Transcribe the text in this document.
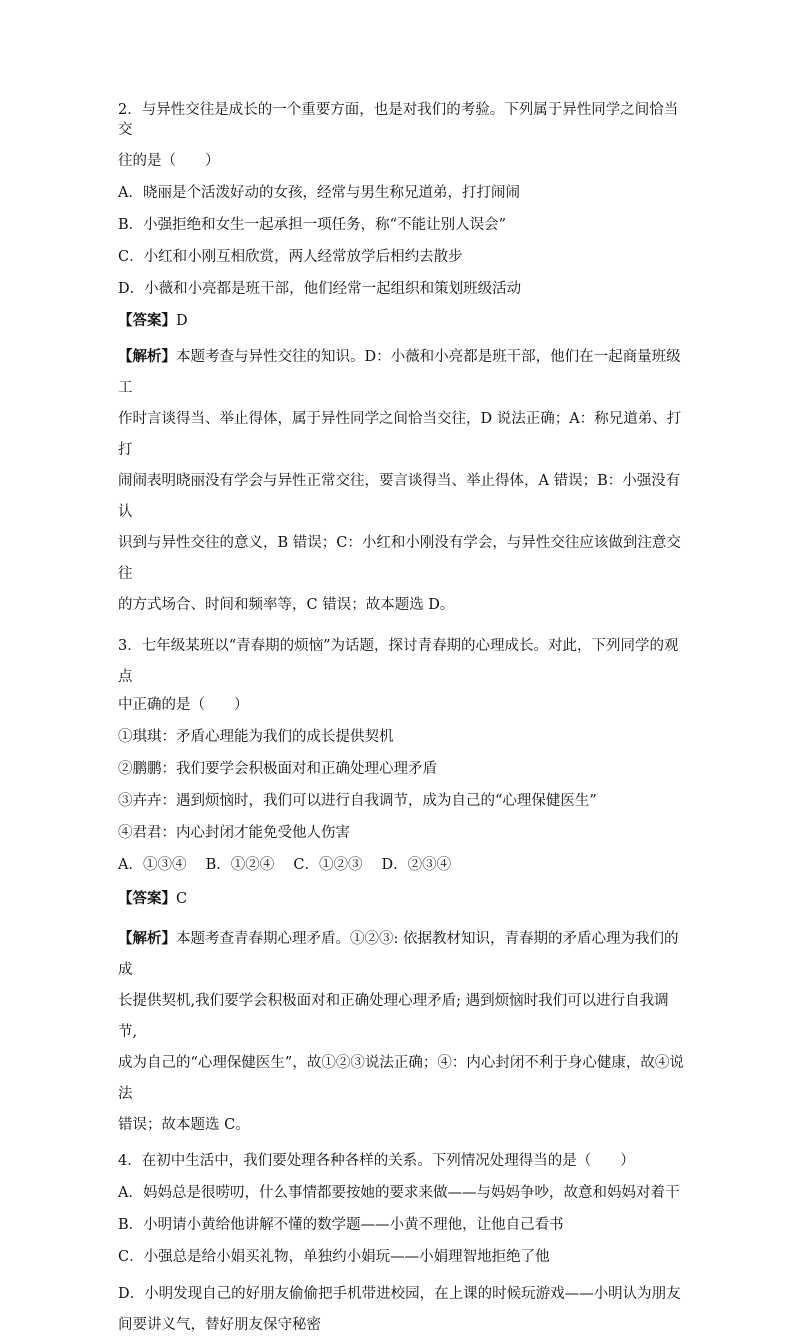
2．与异性交往是成长的一个重要方面，也是对我们的考验。下列属于异性同学之间恰当交
往的是（　　）
A．晓丽是个活泼好动的女孩，经常与男生称兄道弟，打打闹闹
B．小强拒绝和女生一起承担一项任务，称“不能让别人误会”
C．小红和小刚互相欣赏，两人经常放学后相约去散步
D．小薇和小亮都是班干部，他们经常一起组织和策划班级活动
【答案】D
【解析】本题考查与异性交往的知识。D：小薇和小亮都是班干部，他们在一起商量班级工
作时言谈得当、举止得体，属于异性同学之间恰当交往，D 说法正确；A：称兄道弟、打打
闹闹表明晓丽没有学会与异性正常交往，要言谈得当、举止得体，A 错误；B：小强没有认
识到与异性交往的意义，B 错误；C：小红和小刚没有学会，与异性交往应该做到注意交往
的方式场合、时间和频率等，C 错误；故本题选 D。
3．七年级某班以“青春期的烦恼”为话题，探讨青春期的心理成长。对此，下列同学的观点
中正确的是（　　）
①琪琪：矛盾心理能为我们的成长提供契机
②鹏鹏：我们要学会积极面对和正确处理心理矛盾
③卉卉：遇到烦恼时，我们可以进行自我调节，成为自己的“心理保健医生”
④君君：内心封闭才能免受他人伤害
A．①③④　 B．①②④　 C．①②③　 D．②③④
【答案】C
【解析】本题考查青春期心理矛盾。①②③: 依据教材知识，青春期的矛盾心理为我们的成
长提供契机,我们要学会积极面对和正确处理心理矛盾; 遇到烦恼时我们可以进行自我调节,
成为自己的“心理保健医生”，故①②③说法正确；④：内心封闭不利于身心健康，故④说法
错误；故本题选 C。
4．在初中生活中，我们要处理各种各样的关系。下列情况处理得当的是（　　）
A．妈妈总是很唠叨，什么事情都要按她的要求来做——与妈妈争吵，故意和妈妈对着干
B．小明请小黄给他讲解不懂的数学题——小黄不理他，让他自己看书
C．小强总是给小娟买礼物，单独约小娟玩——小娟理智地拒绝了他
D．小明发现自己的好朋友偷偷把手机带进校园，在上课的时候玩游戏——小明认为朋友
间要讲义气，替好朋友保守秘密
